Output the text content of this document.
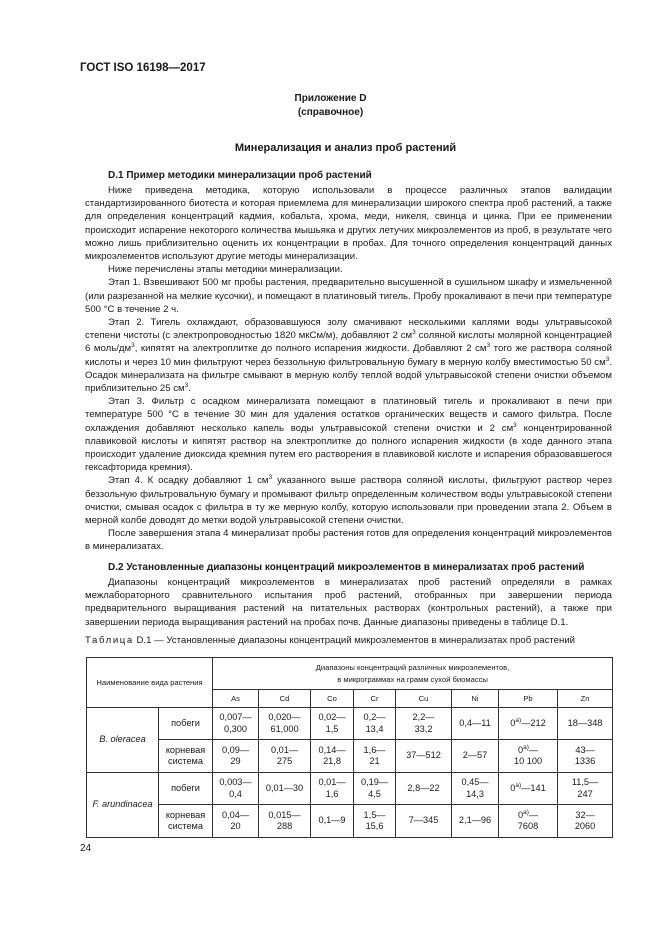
ГОСТ ISO 16198—2017
Приложение D
(справочное)
Минерализация и анализ проб растений
D.1 Пример методики минерализации проб растений

Ниже приведена методика, которую использовали в процессе различных этапов валидации стандартизированного биотеста и которая приемлема для минерализации широкого спектра проб растений, а также для определения концентраций кадмия, кобальта, хрома, меди, никеля, свинца и цинка. При ее применении происходит испарение некоторого количества мышьяка и других летучих микроэлементов из проб, в результате чего можно лишь приблизительно оценить их концентрации в пробах. Для точного определения концентраций данных микроэлементов используют другие методы минерализации.

Ниже перечислены этапы методики минерализации.

Этап 1. Взвешивают 500 мг пробы растения, предварительно высушенной в сушильном шкафу и измельченной (или разрезанной на мелкие кусочки), и помещают в платиновый тигель. Пробу прокаливают в печи при температуре 500 °С в течение 2 ч.

Этап 2. Тигель охлаждают, образовавшуюся золу смачивают несколькими каплями воды ультравысокой степени чистоты (с электропроводностью 1820 мкСм/м), добавляют 2 $см^3$ соляной кислоты молярной концентрацией 6 моль/$дм^3$, кипятят на электроплитке до полного испарения жидкости. Добавляют 2 $см^3$ того же раствора соляной кислоты и через 10 мин фильтруют через беззольную фильтровальную бумагу в мерную колбу вместимостью 50 $см^3$. Осадок минерализата на фильтре смывают в мерную колбу теплой водой ультравысокой степени очистки объемом приблизительно 25 $см^3$.

Этап 3. Фильтр с осадком минерализата помещают в платиновый тигель и прокаливают в печи при температуре 500 °С в течение 30 мин для удаления остатков органических веществ и самого фильтра. После охлаждения добавляют несколько капель воды ультравысокой степени очистки и 2 $см^3$ концентрированной плавиковой кислоты и кипятят раствор на электроплитке до полного испарения жидкости (в ходе данного этапа происходит удаление диоксида кремния путем его растворения в плавиковой кислоте и испарения образовавшегося гексафторида кремния).

Этап 4. К осадку добавляют 1 $см^3$ указанного выше раствора соляной кислоты, фильтруют раствор через беззольную фильтровальную бумагу и промывают фильтр определенным количеством воды ультравысокой степени очистки, смывая осадок с фильтра в ту же мерную колбу, которую использовали при проведении этапа 2. Объем в мерной колбе доводят до метки водой ультравысокой степени очистки.

После завершения этапа 4 минерализат пробы растения готов для определения концентраций микроэлементов в минерализатах.

D.2 Установленные диапазоны концентраций микроэлементов в минерализатах проб растений

Диапазоны концентраций микроэлементов в минерализатах проб растений определяли в рамках межлабораторного сравнительного испытания проб растений, отобранных при завершении периода предварительного выращивания растений на питательных растворах (контрольных растений), а также при завершении периода выращивания растений на пробах почв. Данные диапазоны приведены в таблице D.1.

Таблица D.1 — Установленные диапазоны концентраций микроэлементов в минерализатах проб растений
Наименование вида растения		Диапазоны концентраций различных микроэлементов,
в микрограммах на грамм сухой биомассы							
		As	Cd	Co	Cr	Cu	Ni	Pb	Zn
B. oleracea	побеги	0,007—
0,300	0,020—
61,000	0,02—
1,5	0,2—
13,4	2,2—
33,2	0,4—11	$0^{а)}—212$	18—348
	корневая
система	0,09—
29	0,01—
275	0,14—
21,8	1,6—
21	37—512	2—57	$0^{а)}—$
10 100	43—
1336
F. arundinacea	побеги	0,003—
0,4	0,01—30	0,01—
1,6	0,19—
4,5	2,8—22	0,45—
14,3	$0^{а)}—141$	11,5—
247
	корневая
система	0,04—
20	0,015—
288	0,1—9	1,5—
15,6	7—345	2,1—96	$0^{а)}—$
7608	32—
2060
24
